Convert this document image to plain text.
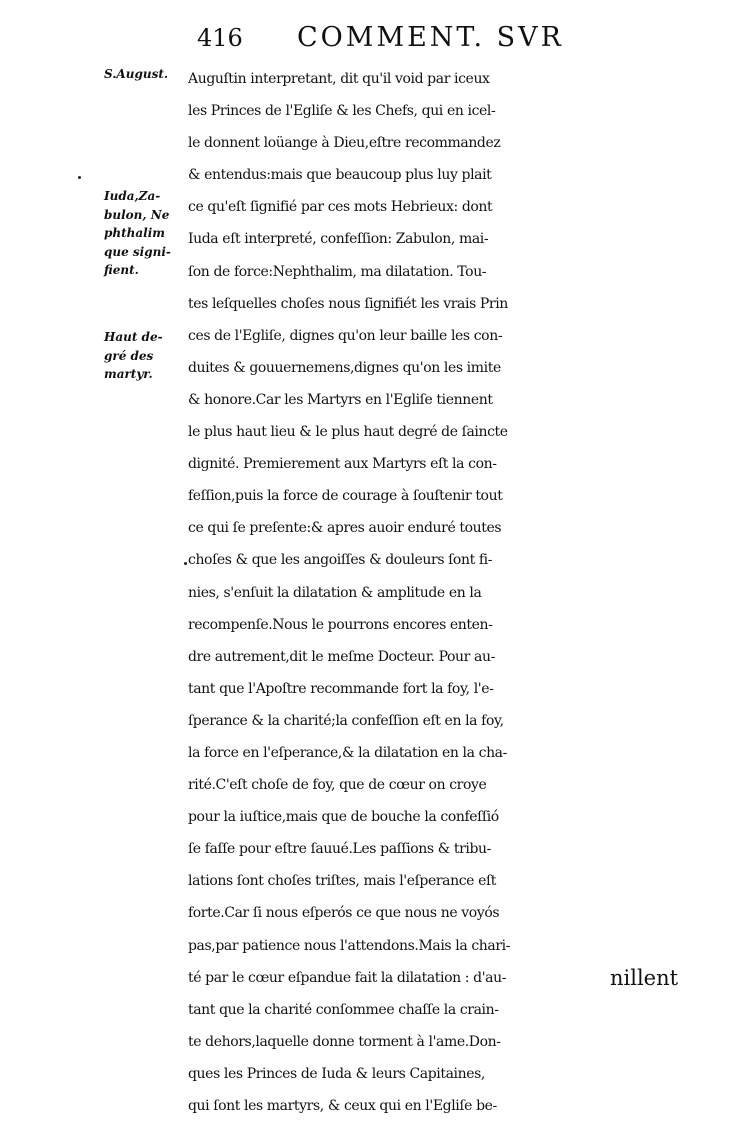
416 COMMENT. SVR
S.August.
Iuda,Za-
bulon, Ne
phthalim
que signi-
fient.
Haut de-
gré des
martyr.
Auguſtin interpretant, dit qu'il void par iceux
les Princes de l'Egliſe & les Chefs, qui en icel-
le donnent loüange à Dieu,eſtre recommandez
& entendus:mais que beaucoup plus luy plait
ce qu'eſt ſignifié par ces mots Hebrieux: dont
Iuda eſt interpreté, confeſſion: Zabulon, mai-
ſon de force:Nephthalim, ma dilatation. Tou-
tes leſquelles choſes nous ſignifiét les vrais Prin
ces de l'Egliſe, dignes qu'on leur baille les con-
duites & gouuernemens,dignes qu'on les imite
& honore.Car les Martyrs en l'Egliſe tiennent
le plus haut lieu & le plus haut degré de ſaincte
dignité. Premierement aux Martyrs eſt la con-
feſſion,puis la force de courage à ſouſtenir tout
ce qui ſe preſente:& apres auoir enduré toutes
choſes & que les angoiſſes & douleurs ſont fi-
nies, s'enſuit la dilatation & amplitude en la
recompenſe.Nous le pourrons encores enten-
dre autrement,dit le meſme Docteur. Pour au-
tant que l'Apoſtre recommande fort la foy, l'e-
ſperance & la charité;la confeſſion eſt en la foy,
la force en l'eſperance,& la dilatation en la cha-
rité.C'eſt choſe de foy, que de cœur on croye
pour la iuſtice,mais que de bouche la confeſſió
ſe faſſe pour eſtre ſauué.Les paſſions & tribu-
lations ſont choſes triſtes, mais l'eſperance eſt
forte.Car ſi nous eſperós ce que nous ne voyós
pas,par patience nous l'attendons.Mais la chari-
té par le cœur eſpandue fait la dilatation : d'au-
tant que la charité conſommee chaſſe la crain-
te dehors,laquelle donne torment à l'ame.Don-
ques les Princes de Iuda & leurs Capitaines,
qui ſont les martyrs, & ceux qui en l'Egliſe be-
nillent
